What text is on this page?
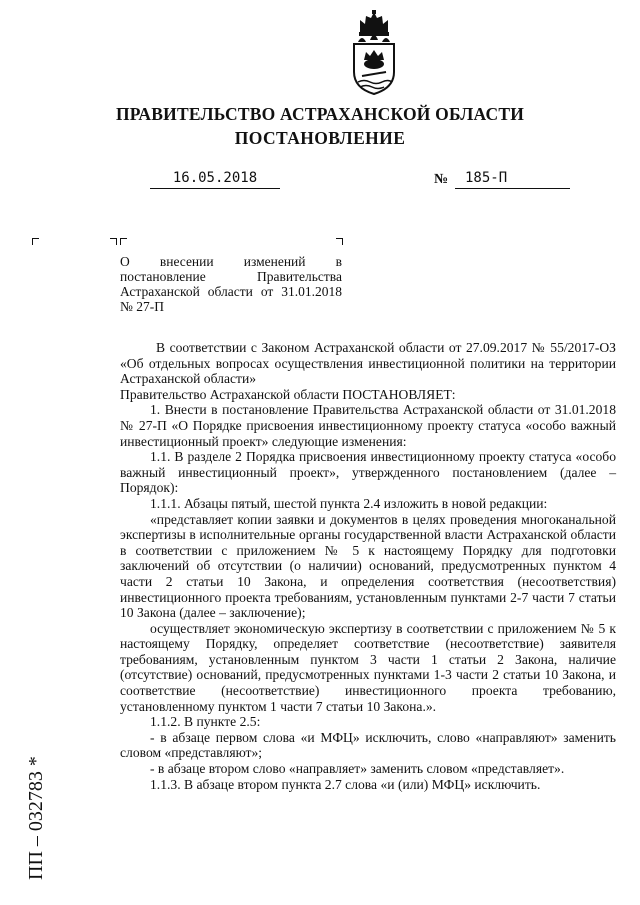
ПРАВИТЕЛЬСТВО АСТРАХАНСКОЙ ОБЛАСТИ
ПОСТАНОВЛЕНИЕ
16.05.2018	№	185-П
О внесении изменений в постановление Правительства Астраханской области от 31.01.2018 № 27-П

В соответствии с Законом Астраханской области от 27.09.2017 № 55/2017-ОЗ «Об отдельных вопросах осуществления инвестиционной политики на территории Астраханской области»

Правительство Астраханской области ПОСТАНОВЛЯЕТ:

1. Внести в постановление Правительства Астраханской области от 31.01.2018 № 27-П «О Порядке присвоения инвестиционному проекту статуса «особо важный инвестиционный проект» следующие изменения:

1.1. В разделе 2 Порядка присвоения инвестиционному проекту статуса «особо важный инвестиционный проект», утвержденного постановлением (далее – Порядок):

1.1.1. Абзацы пятый, шестой пункта 2.4 изложить в новой редакции:

«представляет копии заявки и документов в целях проведения многоканальной экспертизы в исполнительные органы государственной власти Астраханской области в соответствии с приложением № 5 к настоящему Порядку для подготовки заключений об отсутствии (о наличии) оснований, предусмотренных пунктом 4 части 2 статьи 10 Закона, и определения соответствия (несоответствия) инвестиционного проекта требованиям, установленным пунктами 2-7 части 7 статьи 10 Закона (далее – заключение);

осуществляет экономическую экспертизу в соответствии с приложением № 5 к настоящему Порядку, определяет соответствие (несоответствие) заявителя требованиям, установленным пунктом 3 части 1 статьи 2 Закона, наличие (отсутствие) оснований, предусмотренных пунктами 1-3 части 2 статьи 10 Закона, и соответствие (несоответствие) инвестиционного проекта требованию, установленному пунктом 1 части 7 статьи 10 Закона.».

1.1.2. В пункте 2.5:

- в абзаце первом слова «и МФЦ» исключить, слово «направляют» заменить словом «представляют»;

- в абзаце втором слово «направляет» заменить словом «представляет».

1.1.3. В абзаце втором пункта 2.7 слова «и (или) МФЦ» исключить.

ПП – 032783 *
